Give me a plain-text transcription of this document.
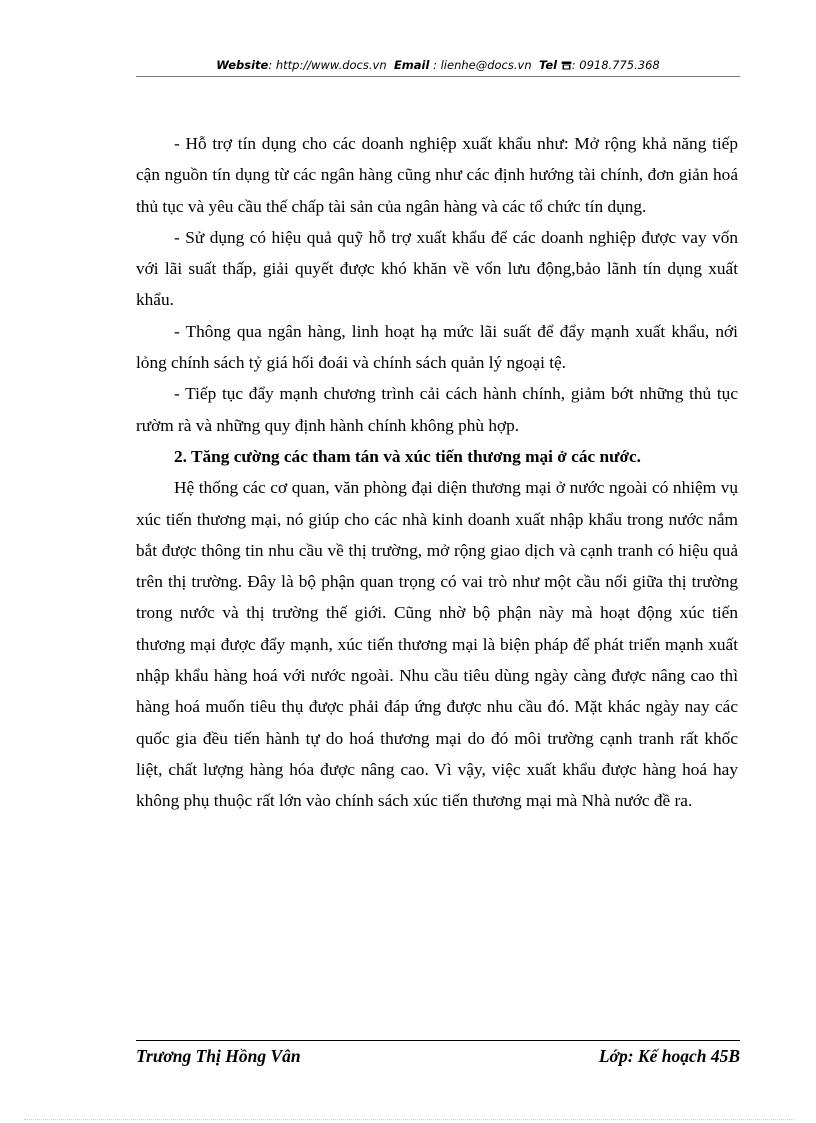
Website: http://www.docs.vn Email : lienhe@docs.vn Tel : 0918.775.368

- Hỗ trợ tín dụng cho các doanh nghiệp xuất khẩu như: Mở rộng khả năng tiếp cận nguồn tín dụng từ các ngân hàng cũng như các định hướng tài chính, đơn giản hoá thủ tục và yêu cầu thế chấp tài sản của ngân hàng và các tổ chức tín dụng.

- Sử dụng có hiệu quả quỹ hỗ trợ xuất khẩu để các doanh nghiệp được vay vốn với lãi suất thấp, giải quyết được khó khăn về vốn lưu động,bảo lãnh tín dụng xuất khẩu.

- Thông qua ngân hàng, linh hoạt hạ mức lãi suất để đẩy mạnh xuất khẩu, nới lỏng chính sách tỷ giá hối đoái và chính sách quản lý ngoại tệ.

- Tiếp tục đẩy mạnh chương trình cải cách hành chính, giảm bớt những thủ tục rườm rà và những quy định hành chính không phù hợp.

2. Tăng cường các tham tán và xúc tiến thương mại ở các nước.

Hệ thống các cơ quan, văn phòng đại diện thương mại ở nước ngoài có nhiệm vụ xúc tiến thương mại, nó giúp cho các nhà kinh doanh xuất nhập khẩu trong nước nắm bắt được thông tin nhu cầu về thị trường, mở rộng giao dịch và cạnh tranh có hiệu quả trên thị trường. Đây là bộ phận quan trọng có vai trò như một cầu nối giữa thị trường trong nước và thị trường thế giới. Cũng nhờ bộ phận này mà hoạt động xúc tiến thương mại được đẩy mạnh, xúc tiến thương mại là biện pháp để phát triển mạnh xuất nhập khẩu hàng hoá với nước ngoài. Nhu cầu tiêu dùng ngày càng được nâng cao thì hàng hoá muốn tiêu thụ được phải đáp ứng được nhu cầu đó. Mặt khác ngày nay các quốc gia đều tiến hành tự do hoá thương mại do đó môi trường cạnh tranh rất khốc liệt, chất lượng hàng hóa được nâng cao. Vì vậy, việc xuất khẩu được hàng hoá hay không phụ thuộc rất lớn vào chính sách xúc tiến thương mại mà Nhà nước đề ra.

Trương Thị Hồng Vân	Lớp: Kế hoạch 45B
